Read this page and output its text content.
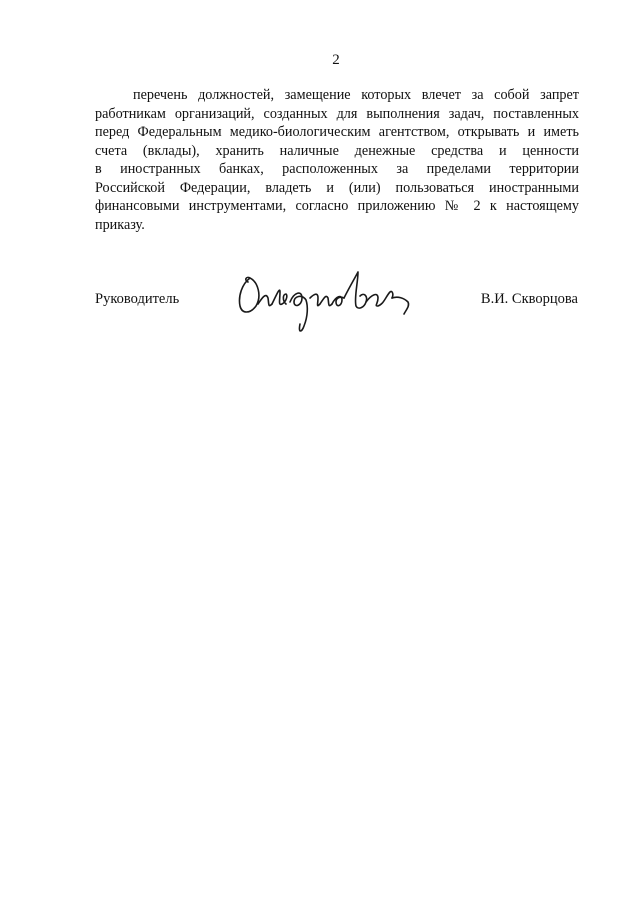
2
перечень должностей, замещение которых влечет за собой запрет
работникам организаций, созданных для выполнения задач, поставленных
перед Федеральным медико-биологическим агентством, открывать и иметь
счета (вклады), хранить наличные денежные средства и ценности
в иностранных банках, расположенных за пределами территории
Российской Федерации, владеть и (или) пользоваться иностранными
финансовыми инструментами, согласно приложению № 2 к настоящему
приказу.
Руководитель	В.И. Скворцова
